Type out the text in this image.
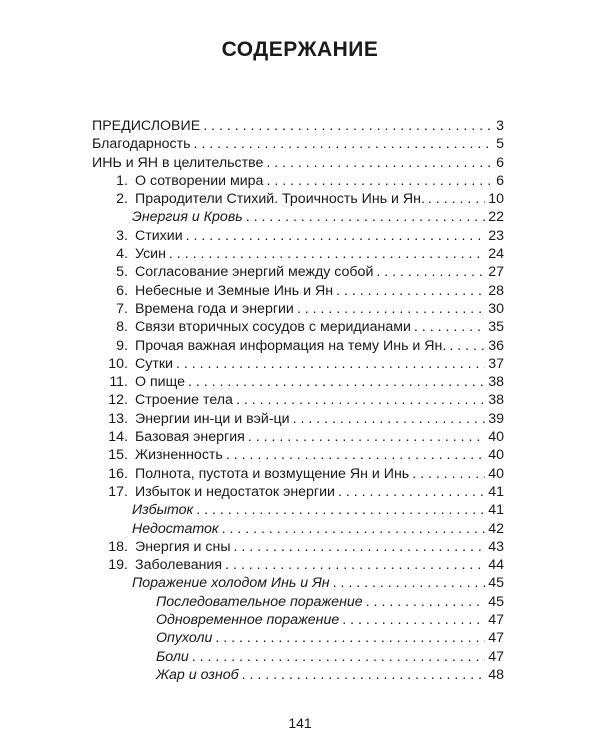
СОДЕРЖАНИЕ
ПРЕДИСЛОВИЕ . . .	3
Благодарность . . .	5
ИНЬ и ЯН в целительстве . . .	6
1. О сотворении мира . . .	6
2. Прародители Стихий. Троичность Инь и Ян. . . .	10
Энергия и Кровь . . .	22
3. Стихии . . .	23
4. Усин . . .	24
5. Согласование энергий между собой . . .	27
6. Небесные и Земные Инь и Ян . . .	28
7. Времена года и энергии . . .	30
8. Связи вторичных сосудов с меридианами . . .	35
9. Прочая важная информация на тему Инь и Ян. . . .	36
10. Сутки . . .	37
11. О пище . . .	38
12. Строение тела . . .	38
13. Энергии ин-ци и вэй-ци . . .	39
14. Базовая энергия . . .	40
15. Жизненность . . .	40
16. Полнота, пустота и возмущение Ян и Инь . . .	40
17. Избыток и недостаток энергии . . .	41
Избыток . . .	41
Недостаток . . .	42
18. Энергия и сны . . .	43
19. Заболевания . . .	44
Поражение холодом Инь и Ян . . .	45
Последовательное поражение . . .	45
Одновременное поражение . . .	47
Опухоли . . .	47
Боли . . .	47
Жар и озноб . . .	48
141
